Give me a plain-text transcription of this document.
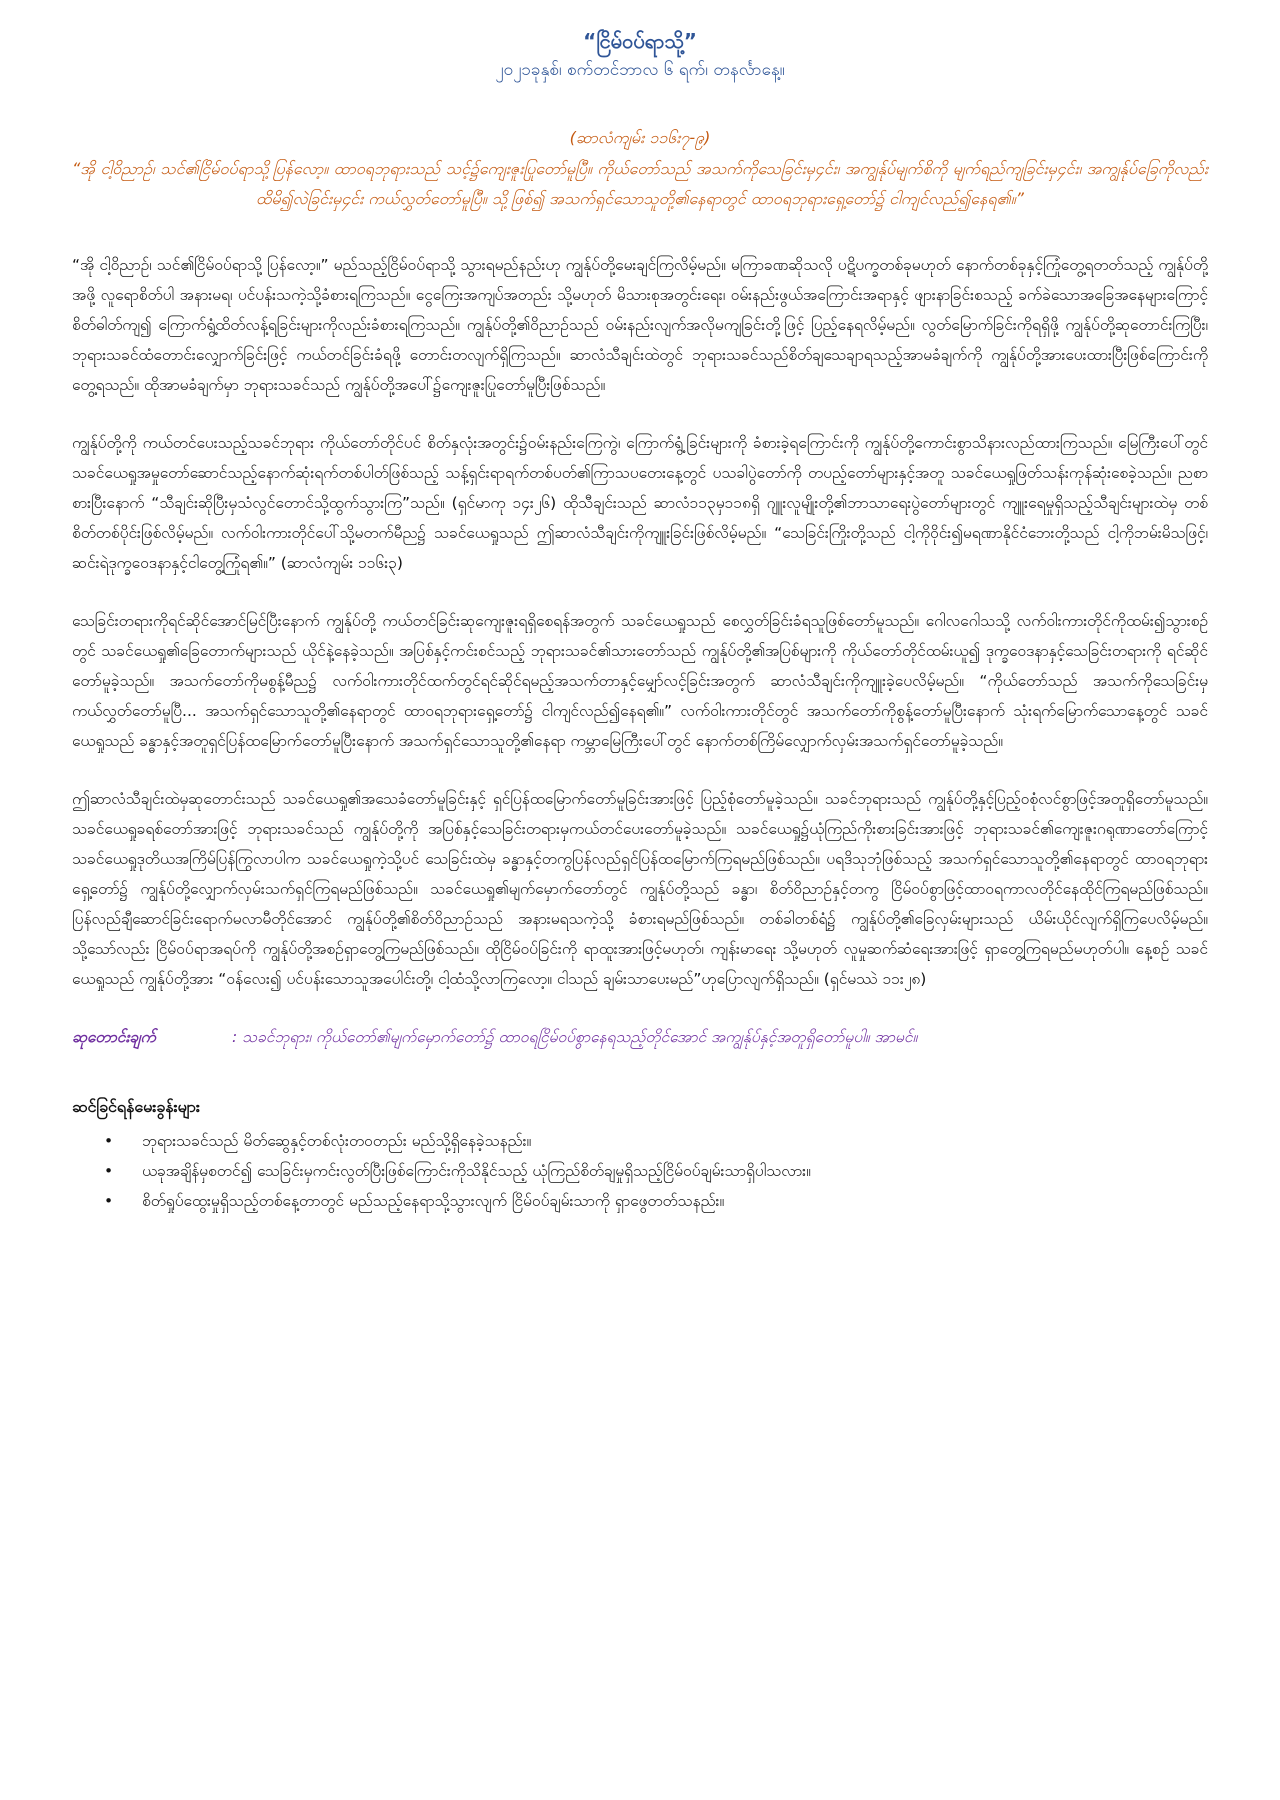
“ငြိမ်ဝပ်ရာသို့”

၂၀၂၁ခုနှစ်၊ စက်တင်ဘာလ ၆ ရက်၊ တနင်္လာနေ့။

(ဆာလံကျမ်း ၁၁၆း၇-၉)

“အို ငါ့ဝိညာဉ်၊ သင်၏ငြိမ်ဝပ်ရာသို့ပြန်လော့။ ထာဝရဘုရားသည် သင့်၌ကျေးဇူးပြုတော်မူပြီ။ ကိုယ်တော်သည် အသက်ကိုသေခြင်းမှ၄င်း၊ အကျွန်ုပ်မျက်စိကို မျက်ရည်ကျခြင်းမှ၄င်း၊ အကျွန်ုပ်ခြေကိုလည်း ထိမိ၍လဲခြင်းမှ၄င်း ကယ်လွှတ်တော်မူပြီ။ သို့ဖြစ်၍ အသက်ရှင်သောသူတို့၏နေရာတွင် ထာဝရဘုရားရှေ့တော်၌ ငါကျင်လည်၍နေရ၏။”

“အို ငါ့ဝိညာဉ်၊ သင်၏ငြိမ်ဝပ်ရာသို့ ပြန်လော့။” မည်သည့်ငြိမ်ဝပ်ရာသို့ သွားရမည်နည်းဟု ကျွန်ုပ်တို့မေးချင်ကြလိမ့်မည်။ မကြာခဏဆိုသလို ပဋိပက္ခတစ်ခုမဟုတ် နောက်တစ်ခုနှင့်ကြုံတွေ့ရတတ်သည့် ကျွန်ုပ်တို့အဖို့ လူရောစိတ်ပါ အနားမရ၊ ပင်ပန်းသကဲ့သို့ခံစားရကြသည်။ ငွေကြေးအကျပ်အတည်း သို့မဟုတ် မိသားစုအတွင်းရေး၊ ဝမ်းနည်းဖွယ်အကြောင်းအရာနှင့် ဖျားနာခြင်းစသည့် ခက်ခဲသောအခြေအနေများကြောင့် စိတ်ဓါတ်ကျ၍ ကြောက်ရွံ့ထိတ်လန့်ရခြင်းများကိုလည်းခံစားရကြသည်။ ကျွန်ုပ်တို့၏ဝိညာဉ်သည် ဝမ်းနည်းလျက်အလိုမကျခြင်းတို့ဖြင့် ပြည့်နေရလိမ့်မည်။ လွတ်မြောက်ခြင်းကိုရရှိဖို့ ကျွန်ုပ်တို့ဆုတောင်းကြပြီး၊ ဘုရားသခင်ထံတောင်းလျှောက်ခြင်းဖြင့် ကယ်တင်ခြင်းခံရဖို့ တောင်းတလျက်ရှိကြသည်။ ဆာလံသီချင်းထဲတွင် ဘုရားသခင်သည်စိတ်ချသေချာရသည့်အာမခံချက်ကို ကျွန်ုပ်တို့အားပေးထားပြီးဖြစ်ကြောင်းကိုတွေ့ရသည်။ ထိုအာမခံချက်မှာ ဘုရားသခင်သည် ကျွန်ုပ်တို့အပေါ်၌ကျေးဇူးပြုတော်မူပြီးဖြစ်သည်။

ကျွန်ုပ်တို့ကို ကယ်တင်ပေးသည့်သခင်ဘုရား ကိုယ်တော်တိုင်ပင် စိတ်နှလုံးအတွင်း၌ဝမ်းနည်းကြေကွဲ၊ ကြောက်ရွံ့ခြင်းများကို ခံစားခဲ့ရကြောင်းကို ကျွန်ုပ်တို့ကောင်းစွာသိနားလည်ထားကြသည်။ မြေကြီးပေါ်တွင် သခင်ယေရှုအမှုတော်ဆောင်သည့်နောက်ဆုံးရက်တစ်ပါတ်ဖြစ်သည့် သန့်ရှင်းရာရက်တစ်ပတ်၏ကြာသပတေးနေ့တွင် ပသခါပွဲတော်ကို တပည့်တော်များနှင့်အတူ သခင်ယေရှုဖြတ်သန်းကုန်ဆုံးစေခဲ့သည်။ ညစာစားပြီးနောက် “သီချင်းဆိုပြီးမှသံလွင်တောင်သို့ထွက်သွားကြ”သည်။ (ရှင်မာကု ၁၄း၂၆) ထိုသီချင်းသည် ဆာလံ၁၁၃မှ၁၁၈ရှိ ဂျူးလူမျိုးတို့၏ဘာသာရေးပွဲတော်များတွင် ကျူးရေမှုရှိသည့်သီချင်းများထဲမှ တစ်စိတ်တစ်ပိုင်းဖြစ်လိမ့်မည်။ လက်ဝါးကားတိုင်ပေါ်သို့မတက်မီည၌ သခင်ယေရှုသည် ဤဆာလံသီချင်းကိုကျူးခြင်းဖြစ်လိမ့်မည်။ “သေခြင်းကြိုးတို့သည် ငါ့ကိုဝိုင်း၍မရဏာနိုင်ငံဘေးတို့သည် ငါ့ကိုဘမ်းမိသဖြင့်၊ ဆင်းရဲဒုက္ခဝေဒနာနှင့်ငါတွေ့ကြုံရ၏။” (ဆာလံကျမ်း ၁၁၆း၃)

သေခြင်းတရားကိုရင်ဆိုင်အောင်မြင်ပြီးနောက် ကျွန်ုပ်တို့ ကယ်တင်ခြင်းဆုကျေးဇူးရရှိစေရန်အတွက် သခင်ယေရှုသည် စေလွှတ်ခြင်းခံရသူဖြစ်တော်မူသည်။ ဂေါလဂေါသသို့ လက်ဝါးကားတိုင်ကိုထမ်း၍သွားစဉ်တွင် သခင်ယေရှု၏ခြေတောက်များသည် ယိုင်နဲ့နေခဲ့သည်။ အပြစ်နှင့်ကင်းစင်သည့် ဘုရားသခင်၏သားတော်သည် ကျွန်ုပ်တို့၏အပြစ်များကို ကိုယ်တော်တိုင်ထမ်းယူ၍ ဒုက္ခဝေဒနာနှင့်သေခြင်းတရားကို ရင်ဆိုင်တော်မူခဲ့သည်။ အသက်တော်ကိုမစွန့်မီည၌ လက်ဝါးကားတိုင်ထက်တွင်ရင်ဆိုင်ရမည့်အသက်တာနှင့်မျှော်လင့်ခြင်းအတွက် ဆာလံသီချင်းကိုကျူးခဲ့ပေလိမ့်မည်။ “ကိုယ်တော်သည် အသက်ကိုသေခြင်းမှကယ်လွှတ်တော်မူပြီ... အသက်ရှင်သောသူတို့၏နေရာတွင် ထာဝရဘုရားရှေ့တော်၌ ငါကျင်လည်၍နေရ၏။” လက်ဝါးကားတိုင်တွင် အသက်တော်ကိုစွန့်တော်မူပြီးနောက် သုံးရက်မြောက်သောနေ့တွင် သခင်ယေရှုသည် ခန္ဓာနှင့်အတူရှင်ပြန်ထမြောက်တော်မူပြီးနောက် အသက်ရှင်သောသူတို့၏နေရာ ကမ္ဘာမြေကြီးပေါ်တွင် နောက်တစ်ကြိမ်လျှောက်လှမ်းအသက်ရှင်တော်မူခဲ့သည်။

ဤဆာလံသီချင်းထဲမှဆုတောင်းသည် သခင်ယေရှု၏အသေခံတော်မူခြင်းနှင့် ရှင်ပြန်ထမြောက်တော်မူခြင်းအားဖြင့် ပြည့်စုံတော်မူခဲ့သည်။ သခင်ဘုရားသည် ကျွန်ုပ်တို့နှင့်ပြည့်ဝစုံလင်စွာဖြင့်အတူရှိတော်မူသည်။ သခင်ယေရှုခရစ်တော်အားဖြင့် ဘုရားသခင်သည် ကျွန်ုပ်တို့ကို အပြစ်နှင့်သေခြင်းတရားမှကယ်တင်ပေးတော်မူခဲ့သည်။ သခင်ယေရှု၌ယုံကြည်ကိုးစားခြင်းအားဖြင့် ဘုရားသခင်၏ကျေးဇူးဂရုဏာတော်ကြောင့် သခင်ယေရှုဒုတိယအကြိမ်ပြန်ကြွလာပါက သခင်ယေရှုကဲ့သို့ပင် သေခြင်းထဲမှ ခန္ဓာနှင့်တကွပြန်လည်ရှင်ပြန်ထမြောက်ကြရမည်ဖြစ်သည်။ ပရဒိသုဘုံဖြစ်သည့် အသက်ရှင်သောသူတို့၏နေရာတွင် ထာဝရဘုရားရှေ့တော်၌ ကျွန်ုပ်တို့လျှောက်လှမ်းသက်ရှင်ကြရမည်ဖြစ်သည်။ သခင်ယေရှု၏မျက်မှောက်တော်တွင် ကျွန်ုပ်တို့သည် ခန္ဓာ၊ စိတ်ဝိညာဉ်နှင့်တကွ ငြိမ်ဝပ်စွာဖြင့်ထာဝရကာလတိုင်နေထိုင်ကြရမည်ဖြစ်သည်။ ပြန်လည်ချီဆောင်ခြင်းရောက်မလာမီတိုင်အောင် ကျွန်ုပ်တို့၏စိတ်ဝိညာဉ်သည် အနားမရသကဲ့သို့ ခံစားရမည်ဖြစ်သည်။ တစ်ခါတစ်ရံ၌ ကျွန်ုပ်တို့၏ခြေလှမ်းများသည် ယိမ်းယိုင်လျက်ရှိကြပေလိမ့်မည်။ သို့သော်လည်း ငြိမ်ဝပ်ရာအရပ်ကို ကျွန်ုပ်တို့အစဉ်ရှာတွေ့ကြမည်ဖြစ်သည်။ ထိုငြိမ်ဝပ်ခြင်းကို ရာထူးအားဖြင့်မဟုတ်၊ ကျန်းမာရေး သို့မဟုတ် လူမှုဆက်ဆံရေးအားဖြင့် ရှာတွေ့ကြရမည်မဟုတ်ပါ။ နေ့စဉ် သခင်ယေရှုသည် ကျွန်ုပ်တို့အား “ဝန်လေး၍ ပင်ပန်းသောသူအပေါင်းတို့၊ ငါ့ထံသို့လာကြလော့။ ငါသည် ချမ်းသာပေးမည်”ဟုပြောလျက်ရှိသည်။ (ရှင်မဿဲ ၁၁း၂၈)

ဆုတောင်းချက်	: သခင်ဘုရား၊ ကိုယ်တော်၏မျက်မှောက်တော်၌ ထာဝရငြိမ်ဝပ်စွာနေရသည့်တိုင်အောင် အကျွန်ုပ်နှင့်အတူရှိတော်မူပါ။ အာမင်။

ဆင်ခြင်ရန်မေးခွန်းများ

•	ဘုရားသခင်သည် မိတ်ဆွေနှင့်တစ်လုံးတဝတည်း မည်သို့ရှိနေခဲ့သနည်း။
•	ယခုအချိန်မှစတင်၍ သေခြင်းမှကင်းလွတ်ပြီးဖြစ်ကြောင်းကိုသိနိုင်သည့် ယုံကြည်စိတ်ချမှုရှိသည့်ငြိမ်ဝပ်ချမ်းသာရှိပါသလား။
•	စိတ်ရှုပ်ထွေးမှုရှိသည့်တစ်နေ့တာတွင် မည်သည့်နေရာသို့သွားလျက် ငြိမ်ဝပ်ချမ်းသာကို ရှာဖွေတတ်သနည်း။
